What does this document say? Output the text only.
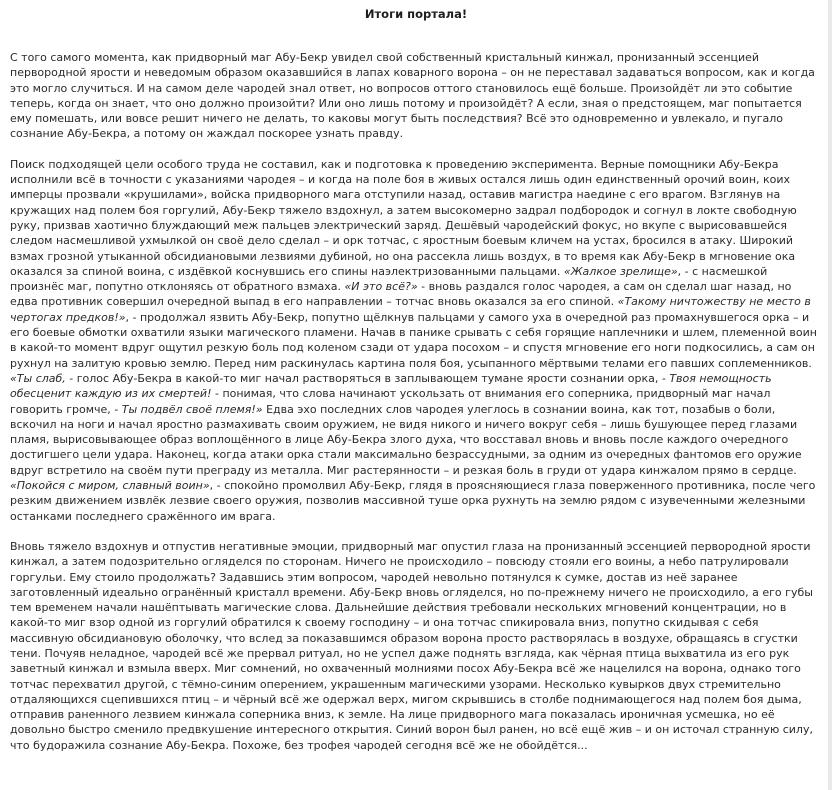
Итоги портала!

С того самого момента, как придворный маг Абу-Бекр увидел свой собственный кристальный кинжал, пронизанный эссенцией первородной ярости и неведомым образом оказавшийся в лапах коварного ворона – он не переставал задаваться вопросом, как и когда это могло случиться. И на самом деле чародей знал ответ, но вопросов оттого становилось ещё больше. Произойдёт ли это событие теперь, когда он знает, что оно должно произойти? Или оно лишь потому и произойдёт? А если, зная о предстоящем, маг попытается ему помешать, или вовсе решит ничего не делать, то каковы могут быть последствия? Всё это одновременно и увлекало, и пугало сознание Абу-Бекра, а потому он жаждал поскорее узнать правду.

Поиск подходящей цели особого труда не составил, как и подготовка к проведению эксперимента. Верные помощники Абу-Бекра исполнили всё в точности с указаниями чародея – и когда на поле боя в живых остался лишь один единственный орочий воин, коих имперцы прозвали «крушилами», войска придворного мага отступили назад, оставив магистра наедине с его врагом. Взглянув на кружащих над полем боя горгулий, Абу-Бекр тяжело вздохнул, а затем высокомерно задрал подбородок и согнул в локте свободную руку, призвав хаотично блуждающий меж пальцев электрический заряд. Дешёвый чародейский фокус, но вкупе с вырисовавшейся следом насмешливой ухмылкой он своё дело сделал – и орк тотчас, с яростным боевым кличем на устах, бросился в атаку. Широкий взмах грозной утыканной обсидиановыми лезвиями дубиной, но она рассекла лишь воздух, в то время как Абу-Бекр в мгновение ока оказался за спиной воина, с издёвкой коснувшись его спины наэлектризованными пальцами. «Жалкое зрелище», - с насмешкой произнёс маг, попутно отклоняясь от обратного взмаха. «И это всё?» - вновь раздался голос чародея, а сам он сделал шаг назад, но едва противник совершил очередной выпад в его направлении – тотчас вновь оказался за его спиной. «Такому ничтожеству не место в чертогах предков!», - продолжал язвить Абу-Бекр, попутно щёлкнув пальцами у самого уха в очередной раз промахнувшегося орка – и его боевые обмотки охватили языки магического пламени. Начав в панике срывать с себя горящие наплечники и шлем, племенной воин в какой-то момент вдруг ощутил резкую боль под коленом сзади от удара посохом – и спустя мгновение его ноги подкосились, а сам он рухнул на залитую кровью землю. Перед ним раскинулась картина поля боя, усыпанного мёртвыми телами его павших соплеменников. «Ты слаб, - голос Абу-Бекра в какой-то миг начал растворяться в заплывающем тумане ярости сознании орка, - Твоя немощность обесценит каждую из их смертей! - понимая, что слова начинают ускользать от внимания его соперника, придворный маг начал говорить громче, - Ты подвёл своё племя!» Едва эхо последних слов чародея улеглось в сознании воина, как тот, позабыв о боли, вскочил на ноги и начал яростно размахивать своим оружием, не видя никого и ничего вокруг себя – лишь бушующее перед глазами пламя, вырисовывающее образ воплощённого в лице Абу-Бекра злого духа, что восставал вновь и вновь после каждого очередного достигшего цели удара. Наконец, когда атаки орка стали максимально безрассудными, за одним из очередных фантомов его оружие вдруг встретило на своём пути преграду из металла. Миг растерянности – и резкая боль в груди от удара кинжалом прямо в сердце. «Покойся с миром, славный воин», - спокойно промолвил Абу-Бекр, глядя в проясняющиеся глаза поверженного противника, после чего резким движением извлёк лезвие своего оружия, позволив массивной туше орка рухнуть на землю рядом с изувеченными железными останками последнего сражённого им врага.

Вновь тяжело вздохнув и отпустив негативные эмоции, придворный маг опустил глаза на пронизанный эссенцией первородной ярости кинжал, а затем подозрительно огляделся по сторонам. Ничего не происходило – повсюду стояли его воины, а небо патрулировали горгульи. Ему стоило продолжать? Задавшись этим вопросом, чародей невольно потянулся к сумке, достав из неё заранее заготовленный идеально огранённый кристалл времени. Абу-Бекр вновь огляделся, но по-прежнему ничего не происходило, а его губы тем временем начали нашёптывать магические слова. Дальнейшие действия требовали нескольких мгновений концентрации, но в какой-то миг взор одной из горгулий обратился к своему господину – и она тотчас спикировала вниз, попутно скидывая с себя массивную обсидиановую оболочку, что вслед за показавшимся образом ворона просто растворялась в воздухе, обращаясь в сгустки тени. Почуяв неладное, чародей всё же прервал ритуал, но не успел даже поднять взгляда, как чёрная птица выхватила из его рук заветный кинжал и взмыла вверх. Миг сомнений, но охваченный молниями посох Абу-Бекра всё же нацелился на ворона, однако того тотчас перехватил другой, с тёмно-синим оперением, украшенным магическими узорами. Несколько кувырков двух стремительно отдаляющихся сцепившихся птиц – и чёрный всё же одержал верх, мигом скрывшись в столбе поднимающегося над полем боя дыма, отправив раненного лезвием кинжала соперника вниз, к земле. На лице придворного мага показалась ироничная усмешка, но её довольно быстро сменило предвкушение интересного открытия. Синий ворон был ранен, но всё ещё жив – и он источал странную силу, что будоражила сознание Абу-Бекра. Похоже, без трофея чародей сегодня всё же не обойдётся...
